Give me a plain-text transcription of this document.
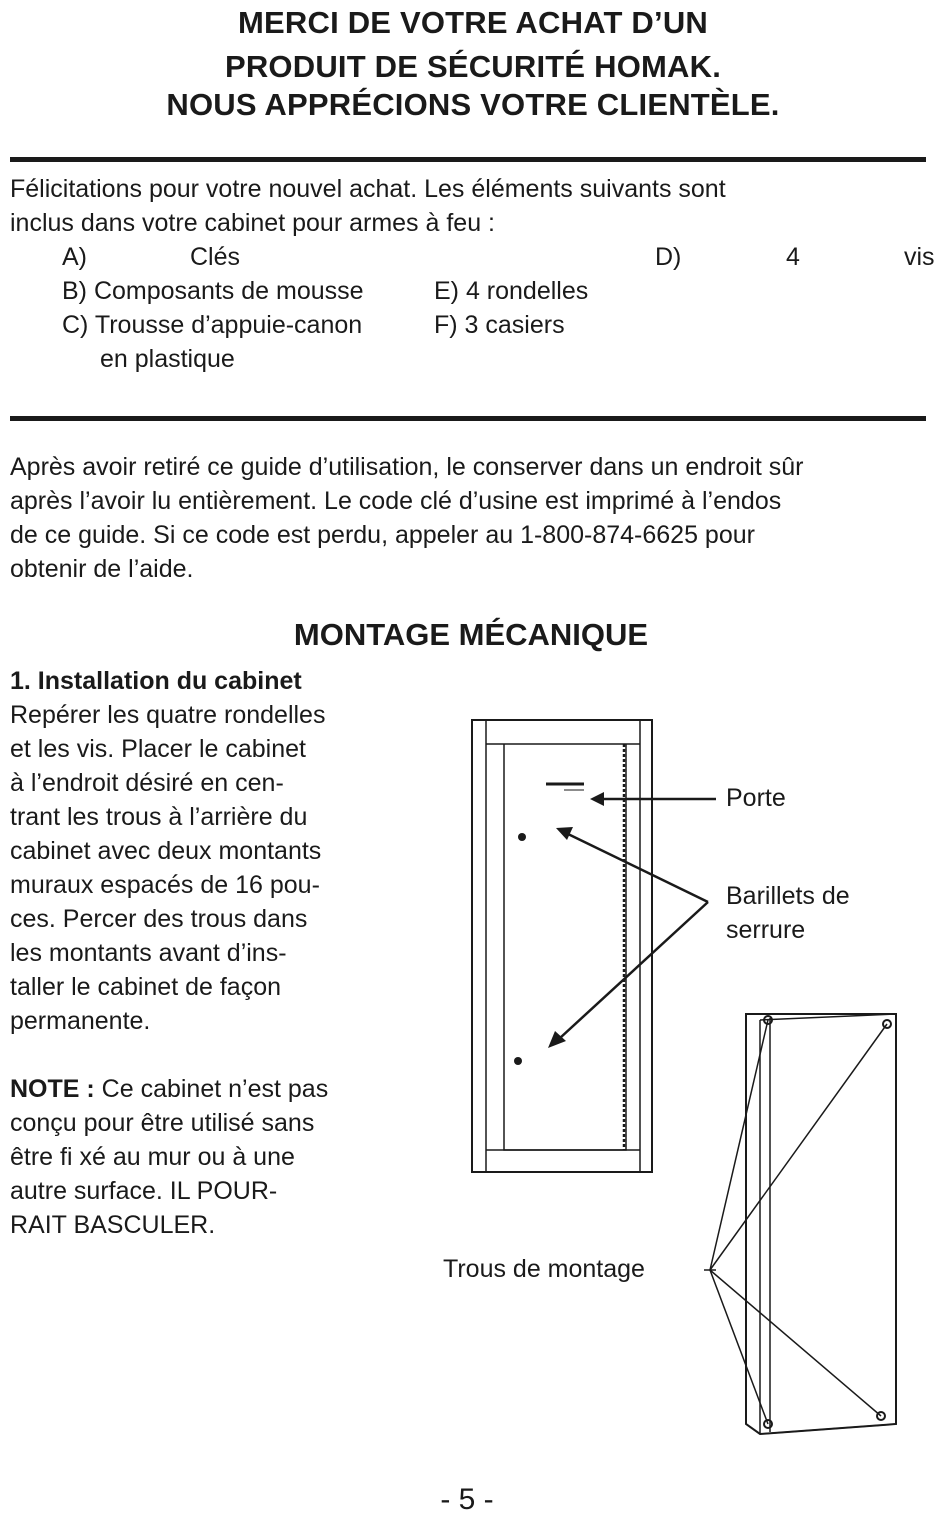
MERCI DE VOTRE ACHAT D’UN
PRODUIT DE SÉCURITÉ HOMAK.
NOUS APPRÉCIONS VOTRE CLIENTÈLE.
Félicitations pour votre nouvel achat. Les éléments suivants sont
inclus dans votre cabinet pour armes à feu :
A)	Clés	D)	4	vis
B) Composants de mousse	E) 4 rondelles
C) Trousse d’appuie-canon	F) 3 casiers
en plastique
Après avoir retiré ce guide d’utilisation, le conserver dans un endroit sûr
après l’avoir lu entièrement. Le code clé d’usine est imprimé à l’endos
de ce guide. Si ce code est perdu, appeler au 1-800-874-6625 pour
obtenir de l’aide.
MONTAGE MÉCANIQUE
1. Installation du cabinet
Repérer les quatre rondelles
et les vis. Placer le cabinet
à l’endroit désiré en cen-
trant les trous à l’arrière du
cabinet avec deux montants
muraux espacés de 16 pou-
ces. Percer des trous dans
les montants avant d’ins-
taller le cabinet de façon
permanente.
NOTE : Ce cabinet n’est pas
conçu pour être utilisé sans
être ﬁ xé au mur ou à une
autre surface. IL POUR-
RAIT BASCULER.
Porte
Barillets de
serrure
Trous de montage
- 5 -
